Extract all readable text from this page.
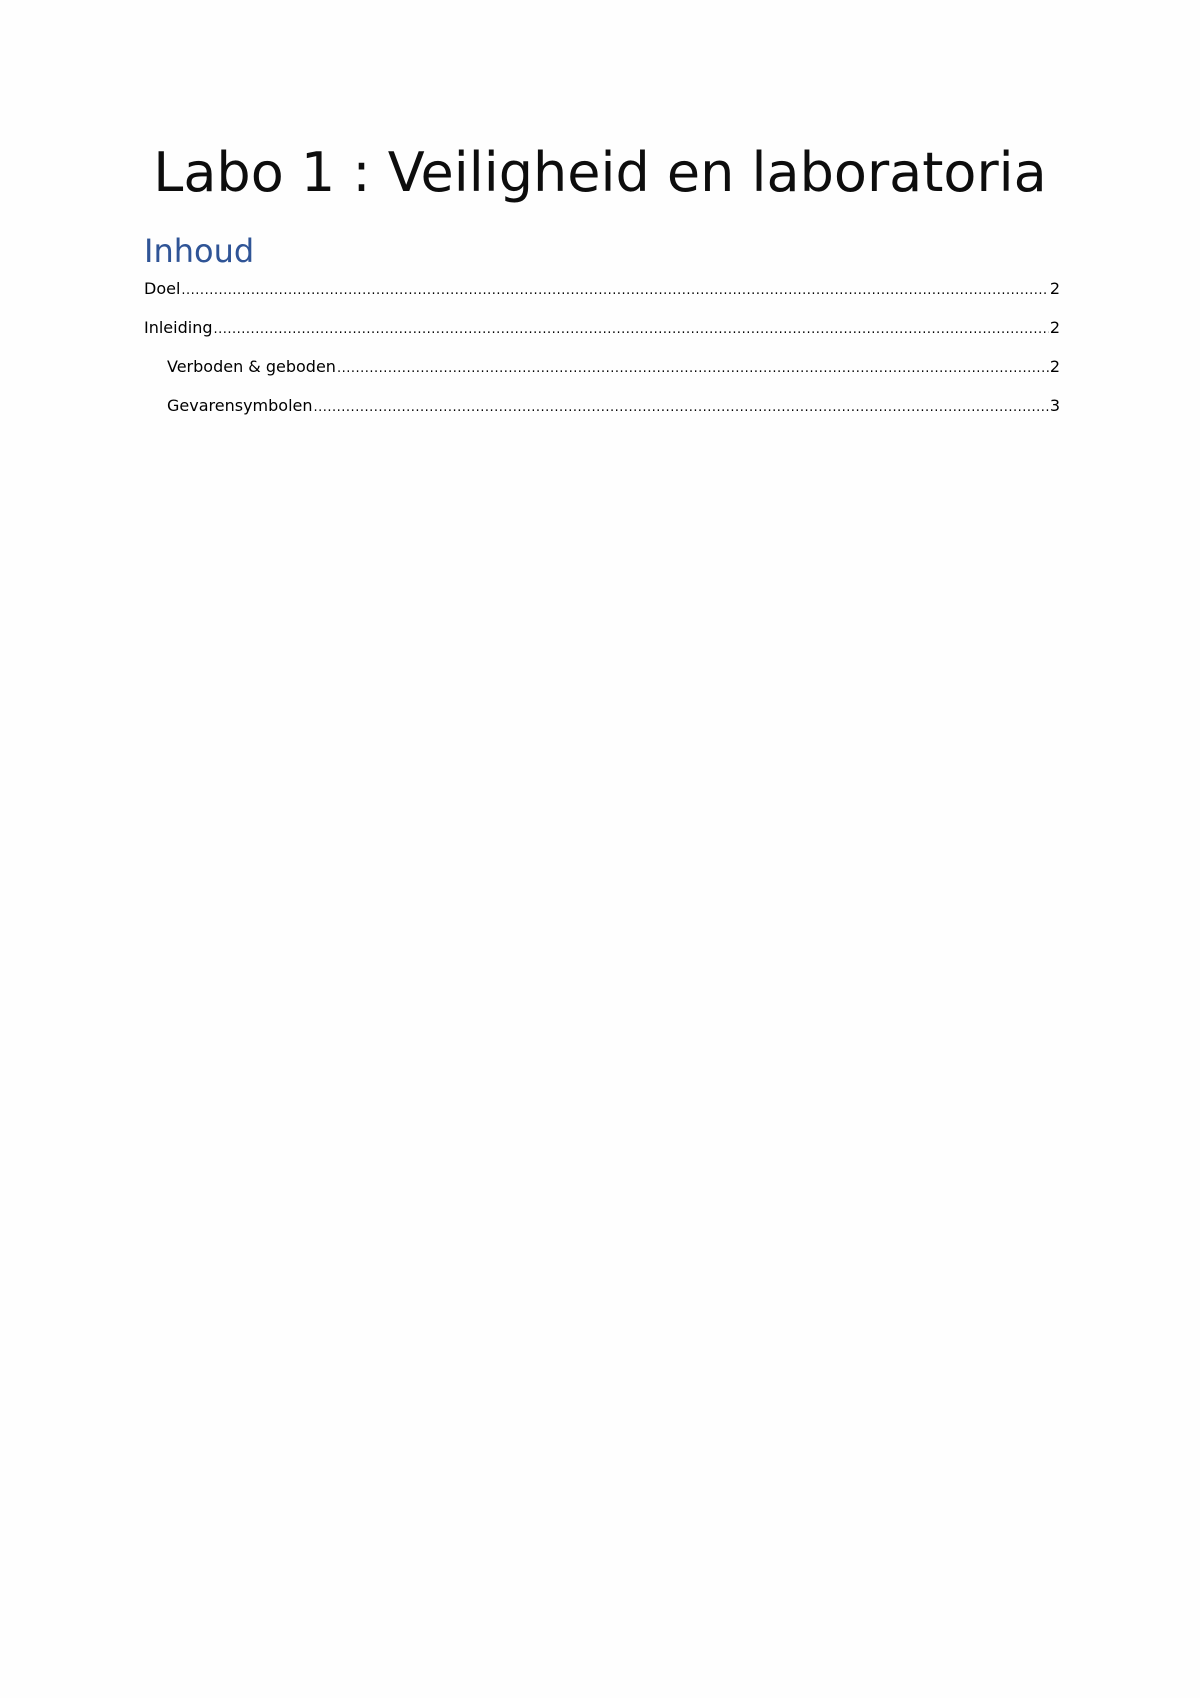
Labo 1 : Veiligheid en laboratoria
Inhoud
Doel .....	2
Inleiding .....	2
Verboden & geboden .....	2
Gevarensymbolen .....	3
